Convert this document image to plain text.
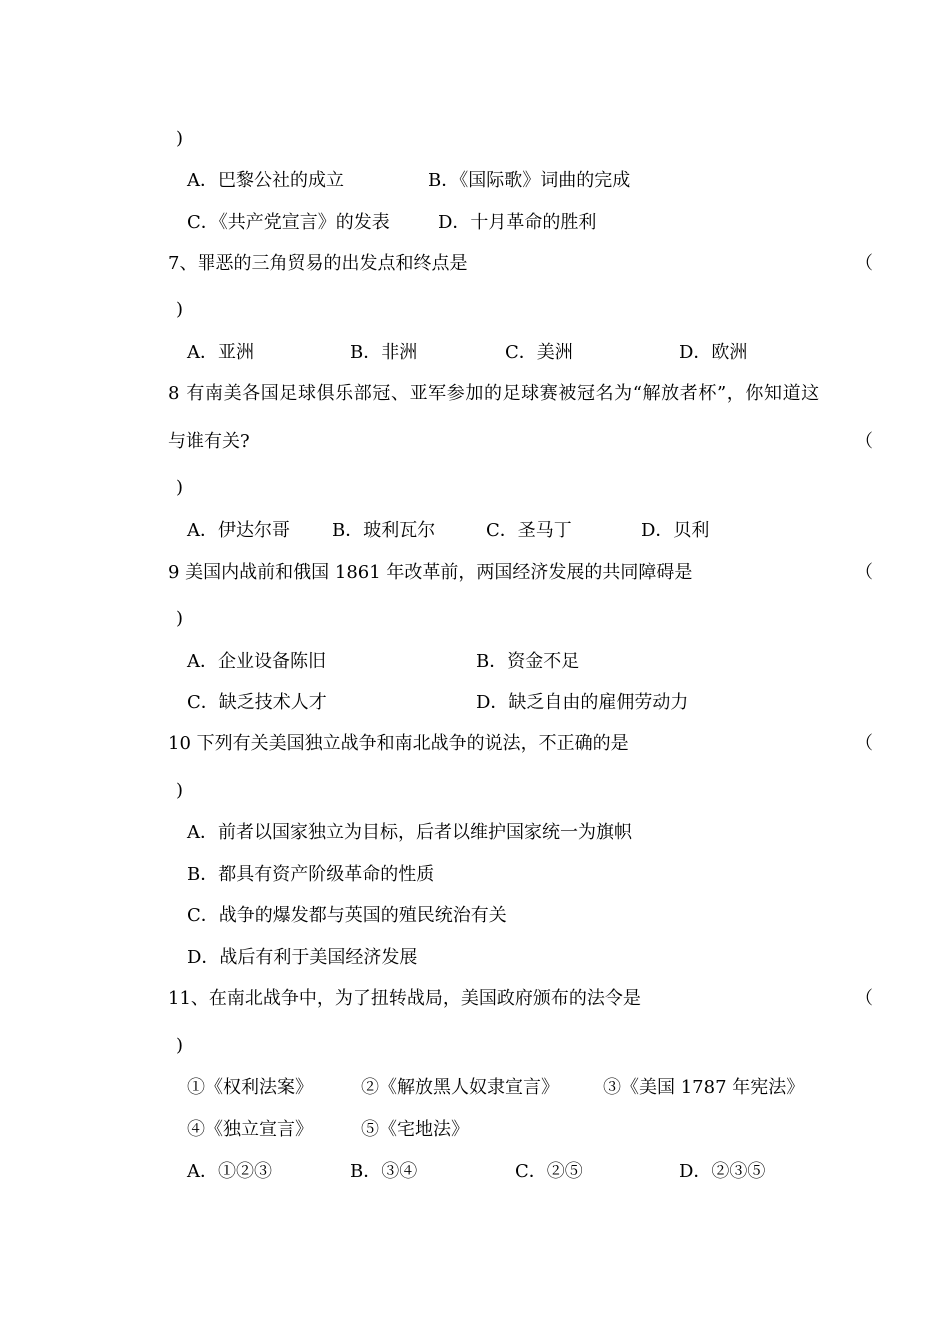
)
A．巴黎公社的成立	B．《国际歌》词曲的完成
C．《共产党宣言》的发表	D．十月革命的胜利
7、罪恶的三角贸易的出发点和终点是	（
)
A．亚洲	B．非洲	C．美洲	D．欧洲
8 有南美各国足球俱乐部冠、亚军参加的足球赛被冠名为“解放者杯”，你知道这
与谁有关?	（
)
A．伊达尔哥 B．玻利瓦尔	C．圣马丁	D．贝利
9 美国内战前和俄国 1861 年改革前，两国经济发展的共同障碍是	（
)
A．企业设备陈旧	B．资金不足
C．缺乏技术人才	D．缺乏自由的雇佣劳动力
10 下列有关美国独立战争和南北战争的说法，不正确的是	（
)
A．前者以国家独立为目标，后者以维护国家统一为旗帜
B．都具有资产阶级革命的性质
C．战争的爆发都与英国的殖民统治有关
D．战后有利于美国经济发展
11、在南北战争中，为了扭转战局，美国政府颁布的法令是	（
)
①《权利法案》	②《解放黑人奴隶宣言》 ③《美国 1787 年宪法》
④《独立宣言》	⑤《宅地法》
A．①②③	B．③④	C．②⑤	D．②③⑤
